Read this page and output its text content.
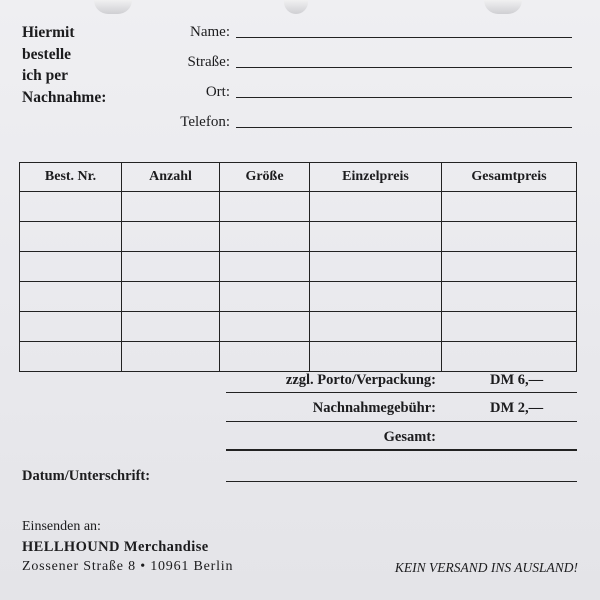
Hiermit
bestelle
ich per
Nachnahme:
Name:
Straße:
Ort:
Telefon:
Best. Nr.	Anzahl	Größe	Einzelpreis	Gesamtpreis

zzgl. Porto/Verpackung:	DM 6,—
Nachnahmegebühr:	DM 2,—
Gesamt:
Datum/Unterschrift:
Einsenden an:
HELLHOUND Merchandise
Zossener Straße 8 • 10961 Berlin	KEIN VERSAND INS AUSLAND!
